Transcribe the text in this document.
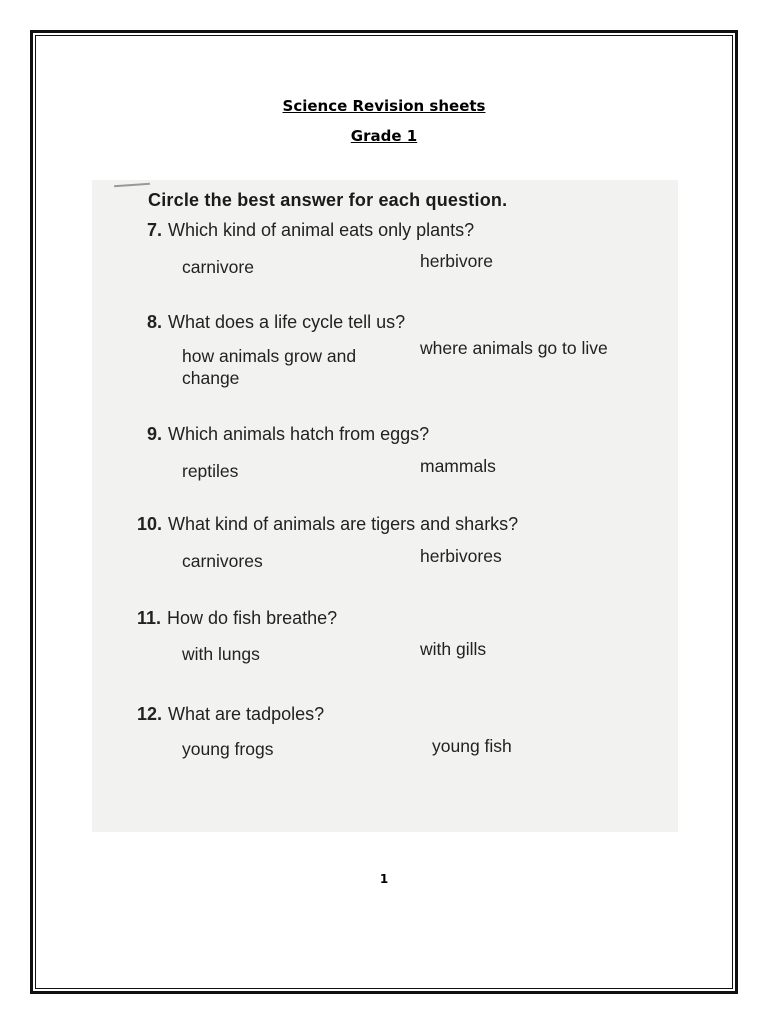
Science Revision sheets
Grade 1
Circle the best answer for each question.
7. Which kind of animal eats only plants?
carnivore	herbivore
8. What does a life cycle tell us?
how animals grow and change
where animals go to live
9. Which animals hatch from eggs?
reptiles	mammals
10. What kind of animals are tigers and sharks?
carnivores	herbivores
11. How do fish breathe?
with lungs	with gills
12. What are tadpoles?
young frogs	young fish
1
